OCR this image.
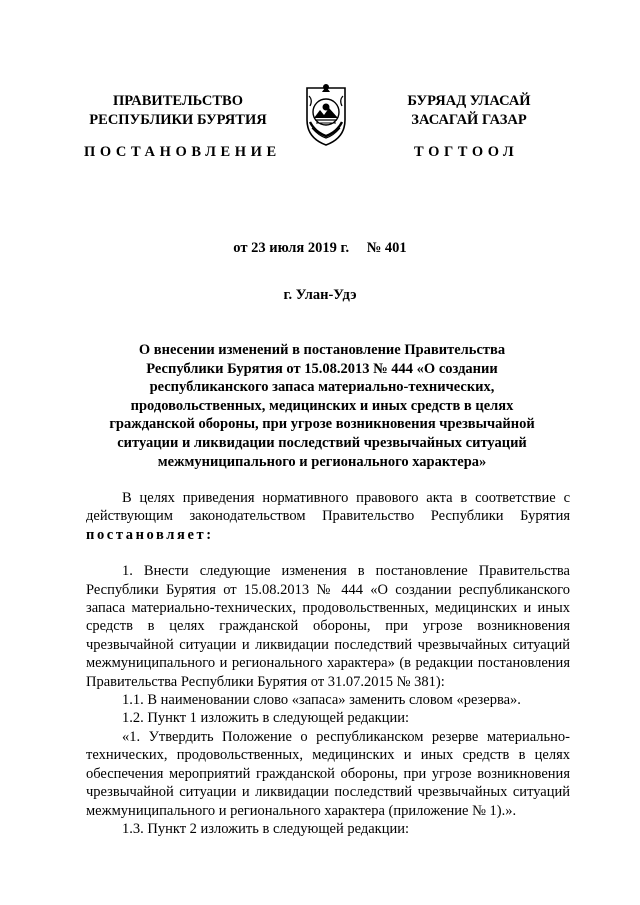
ПРАВИТЕЛЬСТВО
РЕСПУБЛИКИ БУРЯТИЯ
БУРЯАД УЛАСАЙ
ЗАСАГАЙ ГАЗАР
ПОСТАНОВЛЕНИЕ	ТОГТООЛ
от 23 июля 2019 г. № 401
г. Улан-Удэ
О внесении изменений в постановление Правительства
Республики Бурятия от 15.08.2013 № 444 «О создании
республиканского запаса материально-технических,
продовольственных, медицинских и иных средств в целях
гражданской обороны, при угрозе возникновения чрезвычайной
ситуации и ликвидации последствий чрезвычайных ситуаций
межмуниципального и регионального характера»

В целях приведения нормативного правового акта в соответствие с действующим законодательством Правительство Республики Бурятия постановляет:

1. Внести следующие изменения в постановление Правительства Республики Бурятия от 15.08.2013 № 444 «О создании республиканского запаса материально-технических, продовольственных, медицинских и иных средств в целях гражданской обороны, при угрозе возникновения чрезвычайной ситуации и ликвидации последствий чрезвычайных ситуаций межмуниципального и регионального характера» (в редакции постановления Правительства Республики Бурятия от 31.07.2015 № 381):

1.1. В наименовании слово «запаса» заменить словом «резерва».

1.2. Пункт 1 изложить в следующей редакции:

«1. Утвердить Положение о республиканском резерве материально-технических, продовольственных, медицинских и иных средств в целях обеспечения мероприятий гражданской обороны, при угрозе возникновения чрезвычайной ситуации и ликвидации последствий чрезвычайных ситуаций межмуниципального и регионального характера (приложение № 1).».

1.3. Пункт 2 изложить в следующей редакции:
